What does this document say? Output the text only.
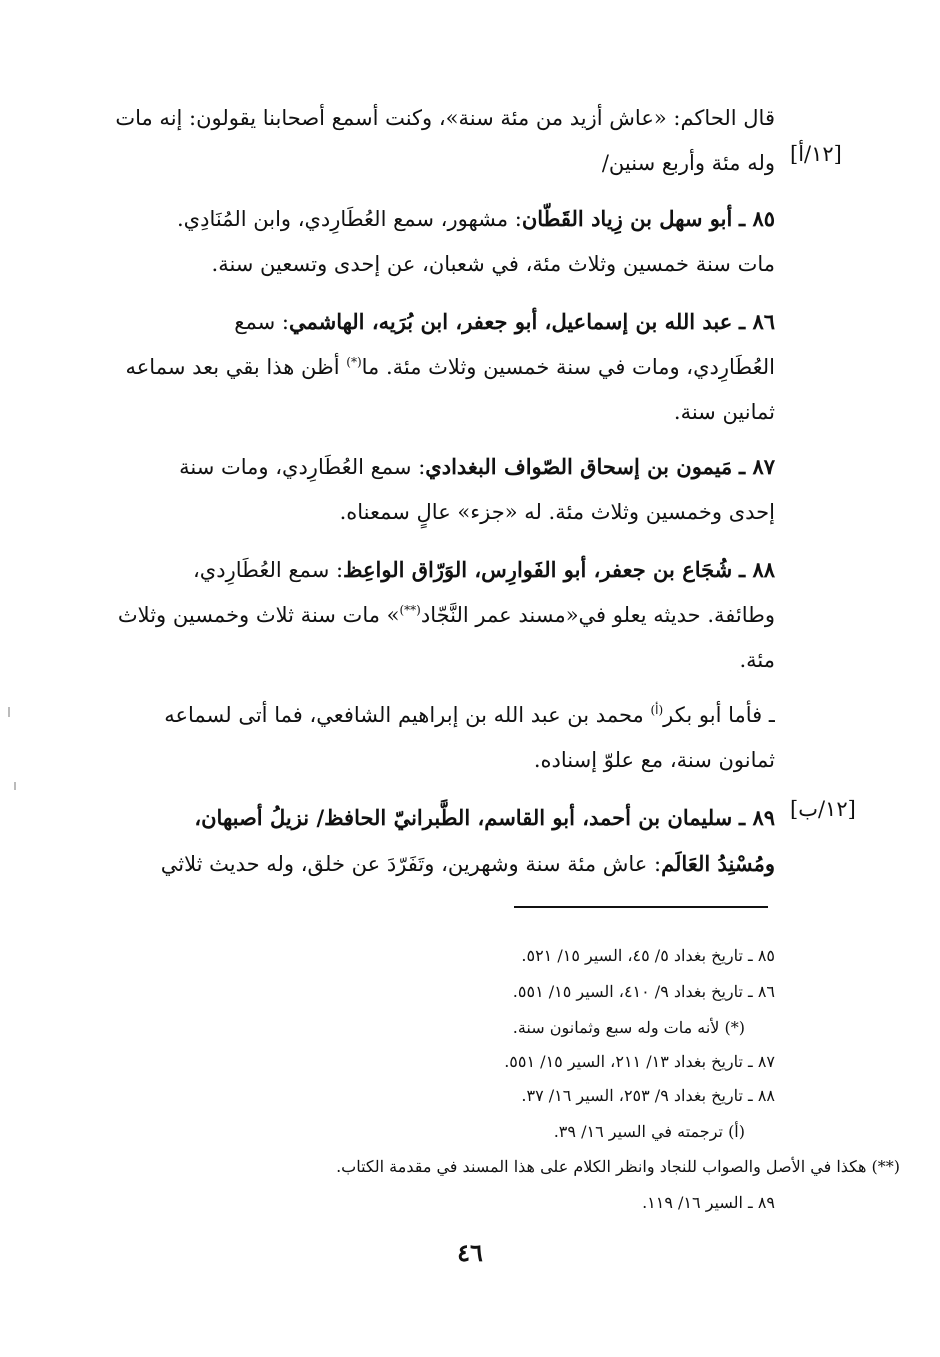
[١٢/أ]
[١٢/ب]
قال الحاكم: «عاش أزيد من مئة سنة»، وكنت أسمع أصحابنا يقولون: إنه مات
وله مئة وأربع سنين/
٨٥ ـ أبو سهل بن زِياد القَطّان: مشهور، سمع العُطَارِدي، وابن المُنَادِي.
مات سنة خمسين وثلاث مئة، في شعبان، عن إحدى وتسعين سنة.
٨٦ ـ عبد الله بن إسماعيل، أبو جعفر، ابن بُرَيه، الهاشمي: سمع
العُطَارِدي، ومات في سنة خمسين وثلاث مئة. ما(*) أظن هذا بقي بعد سماعه
ثمانين سنة.
٨٧ ـ مَيمون بن إسحاق الصّواف البغدادي: سمع العُطَارِدي، ومات سنة
إحدى وخمسين وثلاث مئة. له «جزء» عالٍ سمعناه.
٨٨ ـ شُجَاع بن جعفر، أبو الفَوارِس، الوَرّاق الواعِظ: سمع العُطَارِدي،
وطائفة. حديثه يعلو في«مسند عمر النَّجّاد(**)» مات سنة ثلاث وخمسين وثلاث
مئة.
ـ فأما أبو بكر$^{(أ)}$ محمد بن عبد الله بن إبراهيم الشافعي، فما أتى لسماعه
ثمانون سنة، مع علوّ إسناده.
٨٩ ـ سليمان بن أحمد، أبو القاسم، الطَّبرانيّ الحافظ/ نزيلُ أصبهان،
ومُسْنِدُ العَالَم: عاش مئة سنة وشهرين، وتَفَرّدَ عن خلق، وله حديث ثلاثي
٨٥ ـ تاريخ بغداد ٥/ ٤٥، السير ١٥/ ٥٢١.
٨٦ ـ تاريخ بغداد ٩/ ٤١٠، السير ١٥/ ٥٥١.
(*) لأنه مات وله سبع وثمانون سنة.
٨٧ ـ تاريخ بغداد ١٣/ ٢١١، السير ١٥/ ٥٥١.
٨٨ ـ تاريخ بغداد ٩/ ٢٥٣، السير ١٦/ ٣٧.
(أ) ترجمته في السير ١٦/ ٣٩.
(**) هكذا في الأصل والصواب للنجاد وانظر الكلام على هذا المسند في مقدمة الكتاب.
٨٩ ـ السير ١٦/ ١١٩.
٤٦
